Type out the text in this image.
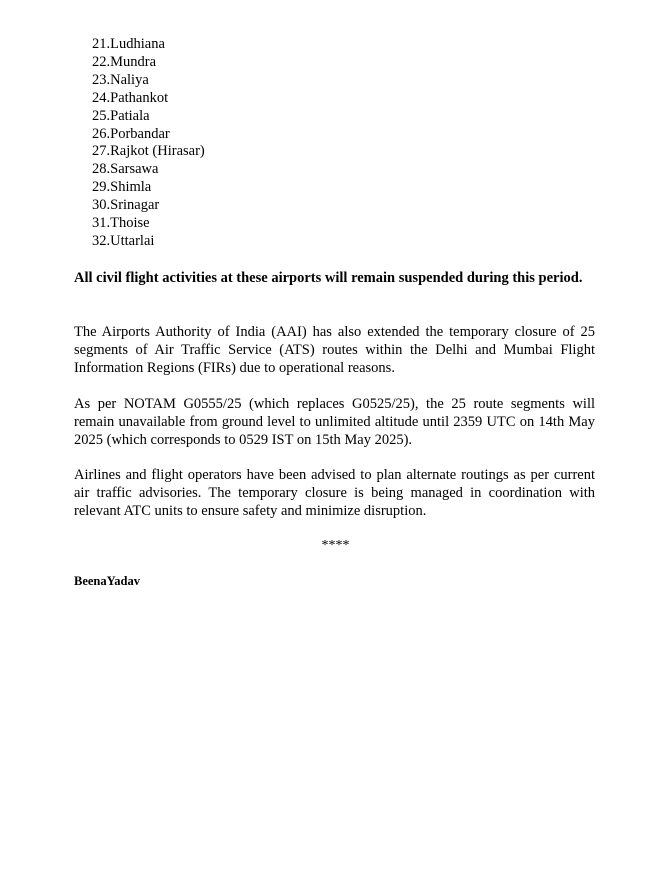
21.Ludhiana
22.Mundra
23.Naliya
24.Pathankot
25.Patiala
26.Porbandar
27.Rajkot (Hirasar)
28.Sarsawa
29.Shimla
30.Srinagar
31.Thoise
32.Uttarlai

All civil flight activities at these airports will remain suspended during this period.

The Airports Authority of India (AAI) has also extended the temporary closure of 25 segments of Air Traffic Service (ATS) routes within the Delhi and Mumbai Flight Information Regions (FIRs) due to operational reasons.

As per NOTAM G0555/25 (which replaces G0525/25), the 25 route segments will remain unavailable from ground level to unlimited altitude until 2359 UTC on 14th May 2025 (which corresponds to 0529 IST on 15th May 2025).

Airlines and flight operators have been advised to plan alternate routings as per current air traffic advisories. The temporary closure is being managed in coordination with relevant ATC units to ensure safety and minimize disruption.

****
BeenaYadav
